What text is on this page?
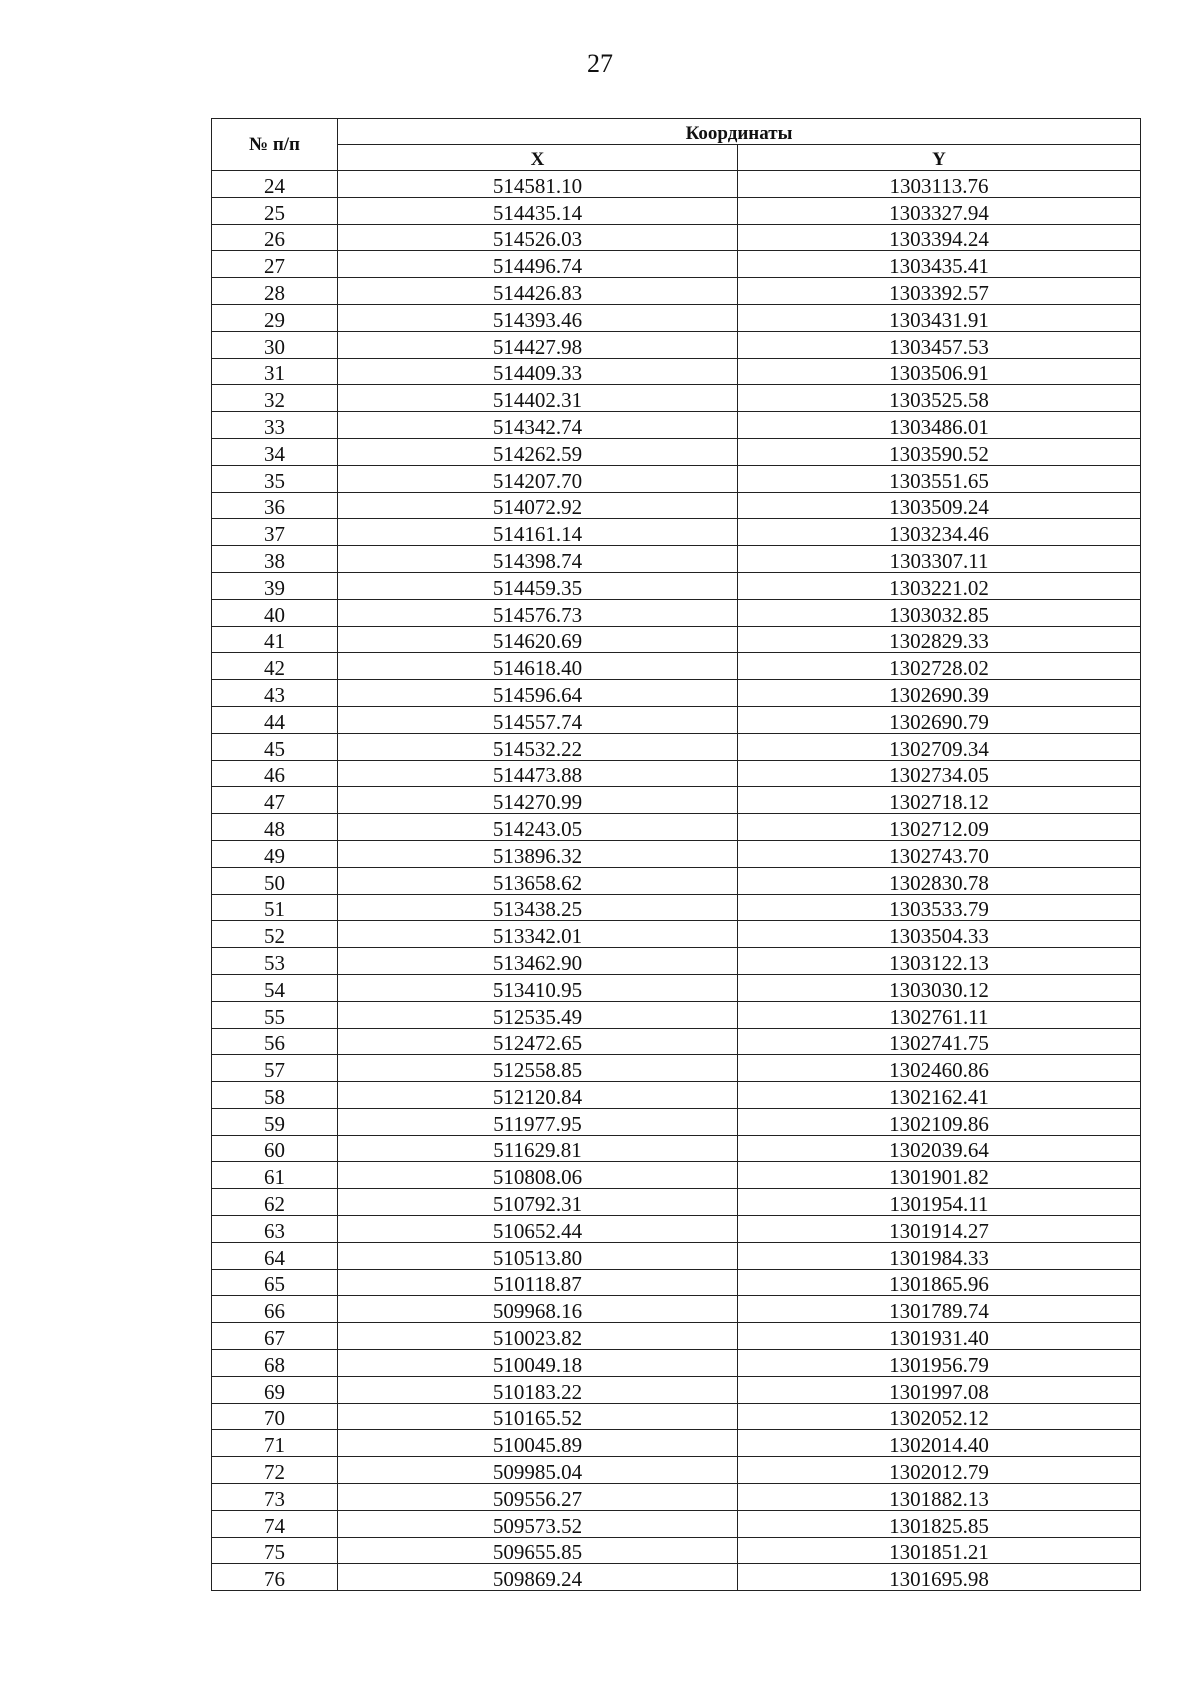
27
№ п/п	Координаты	
	X	Y
24	514581.10	1303113.76
25	514435.14	1303327.94
26	514526.03	1303394.24
27	514496.74	1303435.41
28	514426.83	1303392.57
29	514393.46	1303431.91
30	514427.98	1303457.53
31	514409.33	1303506.91
32	514402.31	1303525.58
33	514342.74	1303486.01
34	514262.59	1303590.52
35	514207.70	1303551.65
36	514072.92	1303509.24
37	514161.14	1303234.46
38	514398.74	1303307.11
39	514459.35	1303221.02
40	514576.73	1303032.85
41	514620.69	1302829.33
42	514618.40	1302728.02
43	514596.64	1302690.39
44	514557.74	1302690.79
45	514532.22	1302709.34
46	514473.88	1302734.05
47	514270.99	1302718.12
48	514243.05	1302712.09
49	513896.32	1302743.70
50	513658.62	1302830.78
51	513438.25	1303533.79
52	513342.01	1303504.33
53	513462.90	1303122.13
54	513410.95	1303030.12
55	512535.49	1302761.11
56	512472.65	1302741.75
57	512558.85	1302460.86
58	512120.84	1302162.41
59	511977.95	1302109.86
60	511629.81	1302039.64
61	510808.06	1301901.82
62	510792.31	1301954.11
63	510652.44	1301914.27
64	510513.80	1301984.33
65	510118.87	1301865.96
66	509968.16	1301789.74
67	510023.82	1301931.40
68	510049.18	1301956.79
69	510183.22	1301997.08
70	510165.52	1302052.12
71	510045.89	1302014.40
72	509985.04	1302012.79
73	509556.27	1301882.13
74	509573.52	1301825.85
75	509655.85	1301851.21
76	509869.24	1301695.98
